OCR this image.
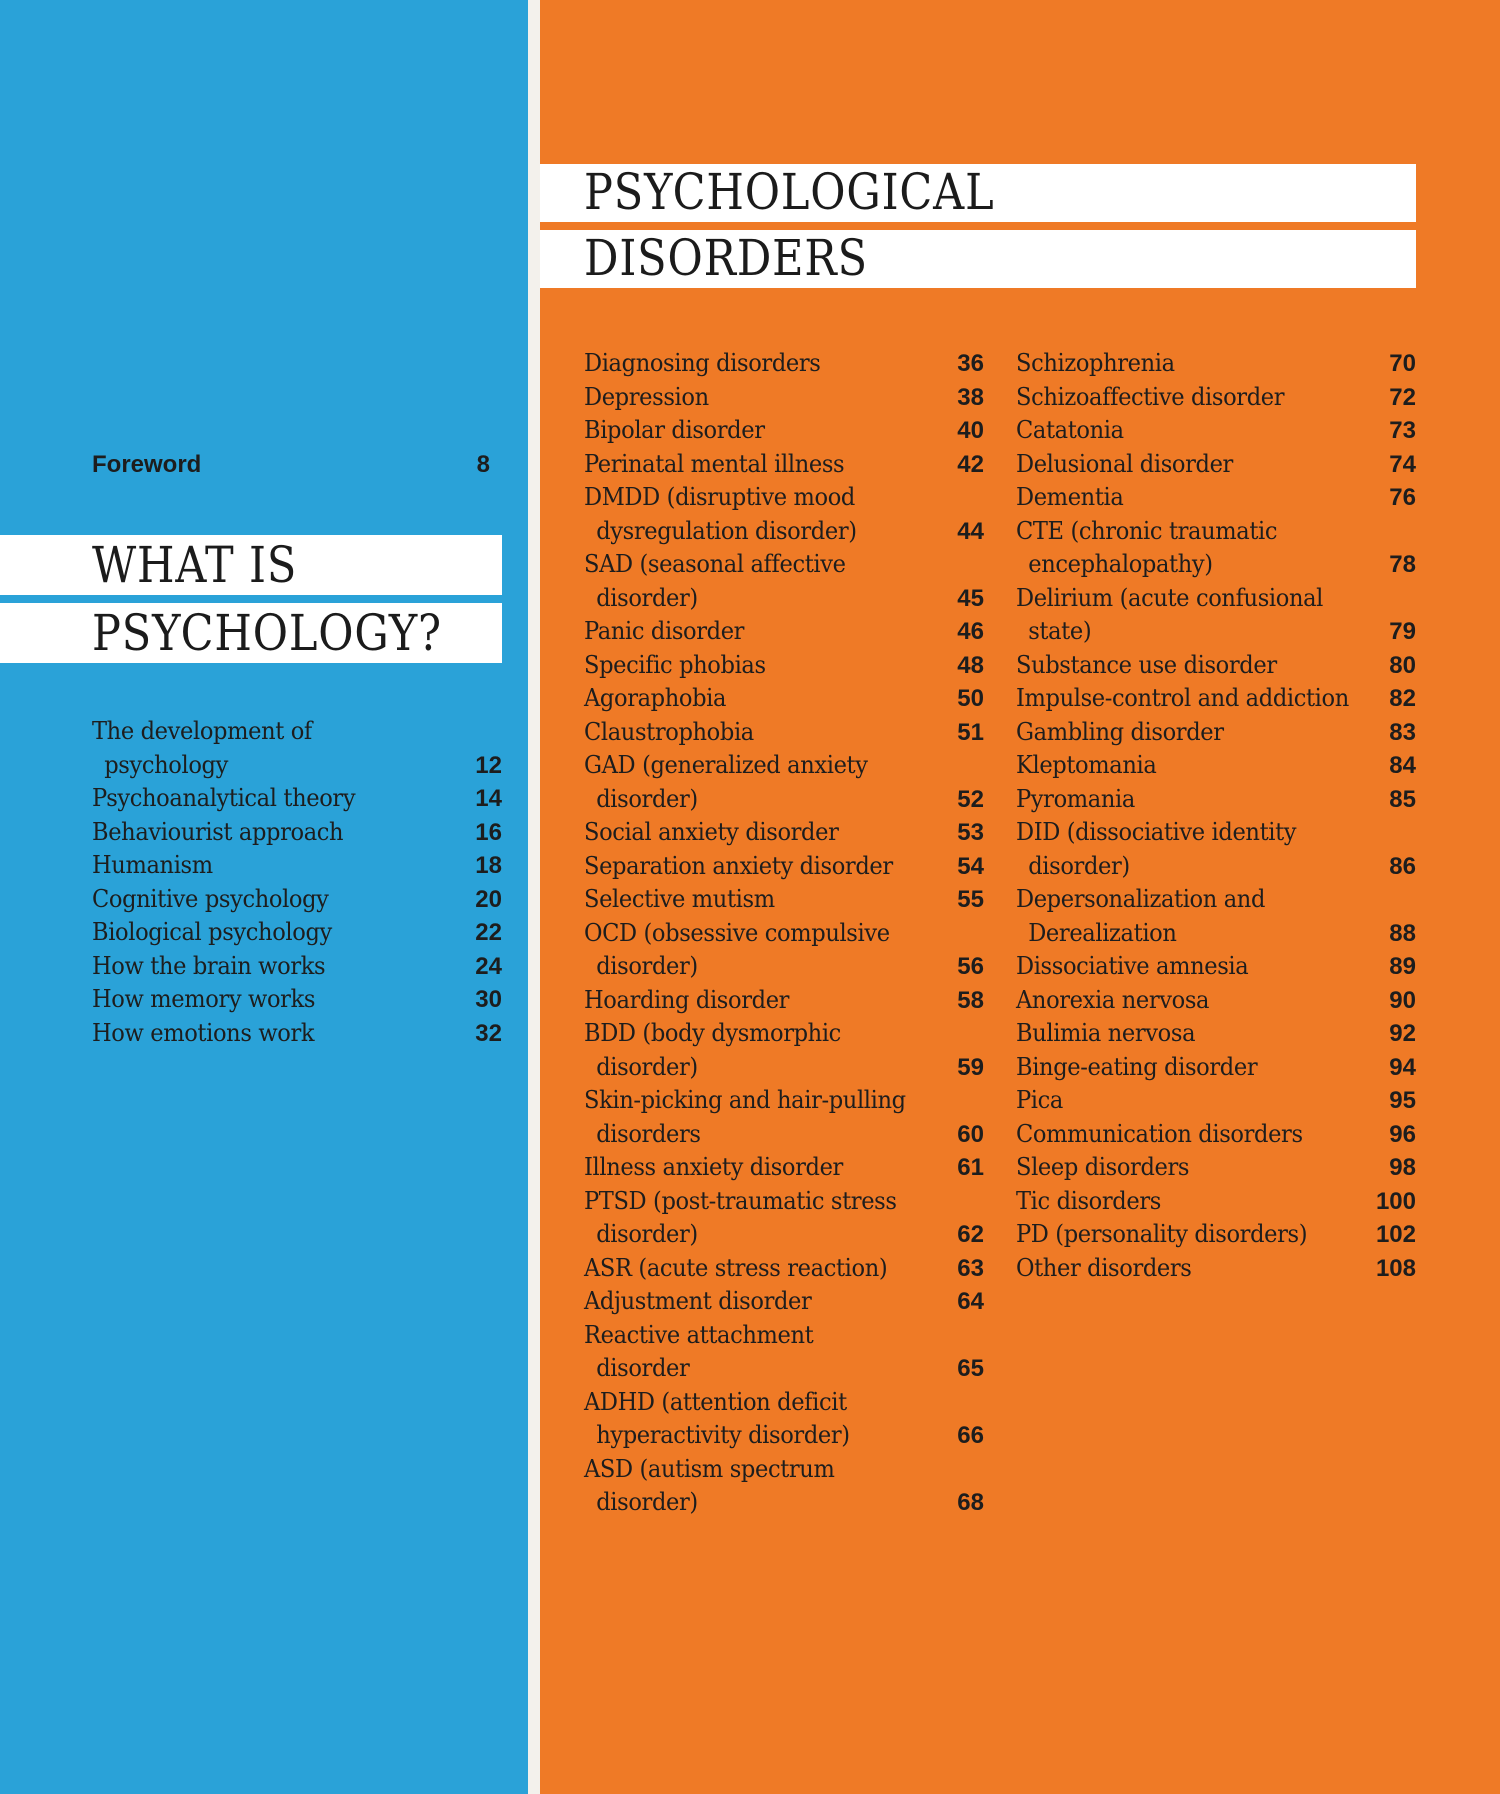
Foreword	8
WHAT IS
PSYCHOLOGY?
The development of
psychology	12
Psychoanalytical theory	14
Behaviourist approach	16
Humanism	18
Cognitive psychology	20
Biological psychology	22
How the brain works	24
How memory works	30
How emotions work	32
PSYCHOLOGICAL
DISORDERS
Diagnosing disorders	36
Depression	38
Bipolar disorder	40
Perinatal mental illness	42
DMDD (disruptive mood
dysregulation disorder)	44
SAD (seasonal affective
disorder)	45
Panic disorder	46
Specific phobias	48
Agoraphobia	50
Claustrophobia	51
GAD (generalized anxiety
disorder)	52
Social anxiety disorder	53
Separation anxiety disorder	54
Selective mutism	55
OCD (obsessive compulsive
disorder)	56
Hoarding disorder	58
BDD (body dysmorphic
disorder)	59
Skin-picking and hair-pulling
disorders	60
Illness anxiety disorder	61
PTSD (post-traumatic stress
disorder)	62
ASR (acute stress reaction)	63
Adjustment disorder	64
Reactive attachment
disorder	65
ADHD (attention deficit
hyperactivity disorder)	66
ASD (autism spectrum
disorder)	68
Schizophrenia	70
Schizoaffective disorder	72
Catatonia	73
Delusional disorder	74
Dementia	76
CTE (chronic traumatic
encephalopathy)	78
Delirium (acute confusional
state)	79
Substance use disorder	80
Impulse-control and addiction 82
Gambling disorder	83
Kleptomania	84
Pyromania	85
DID (dissociative identity
disorder)	86
Depersonalization and
Derealization	88
Dissociative amnesia	89
Anorexia nervosa	90
Bulimia nervosa	92
Binge-eating disorder	94
Pica	95
Communication disorders	96
Sleep disorders	98
Tic disorders	100
PD (personality disorders)	102
Other disorders	108
